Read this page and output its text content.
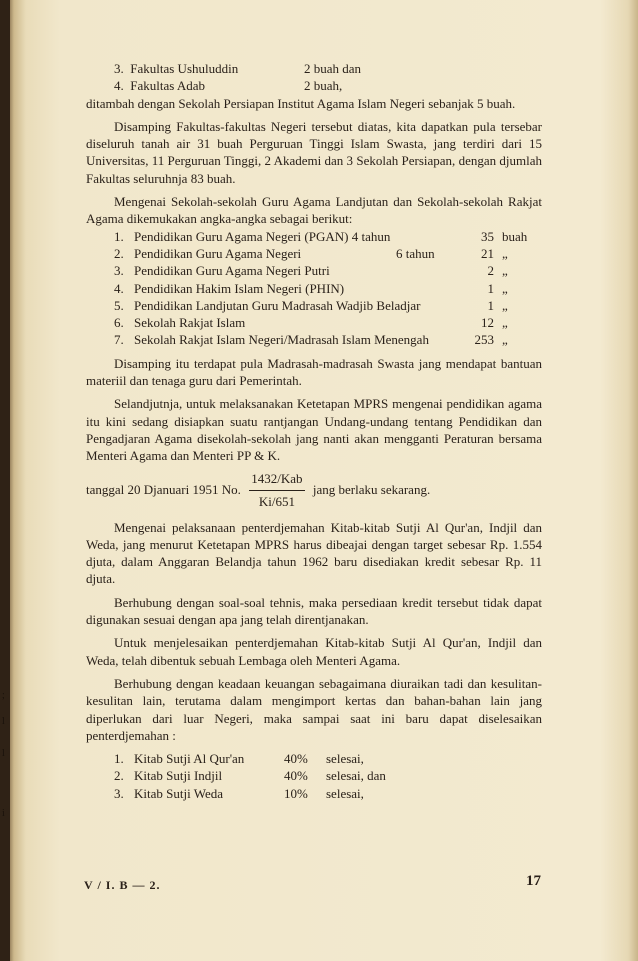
;
l
l
i
3. Fakultas Ushuluddin	2 buah dan
4. Fakultas Adab	2 buah,

ditambah dengan Sekolah Persiapan Institut Agama Islam Negeri sebanjak 5 buah.

Disamping Fakultas-fakultas Negeri tersebut diatas, kita dapatkan pula tersebar diseluruh tanah air 31 buah Perguruan Tinggi Islam Swasta, jang terdiri dari 15 Universitas, 11 Perguruan Tinggi, 2 Akademi dan 3 Sekolah Persiapan, dengan djumlah Fakultas seluruhnja 83 buah.

Mengenai Sekolah-sekolah Guru Agama Landjutan dan Sekolah-sekolah Rakjat Agama dikemukakan angka-angka sebagai berikut:

1. Pendidikan Guru Agama Negeri (PGAN) 4 tahun	35 buah
2. Pendidikan Guru Agama Negeri	6 tahun	21 „
3. Pendidikan Guru Agama Negeri Putri	2 „
4. Pendidikan Hakim Islam Negeri (PHIN)	1 „
5. Pendidikan Landjutan Guru Madrasah Wadjib Beladjar	1 „
6. Sekolah Rakjat Islam	12 „
7. Sekolah Rakjat Islam Negeri/Madrasah Islam Menengah	253 „

Disamping itu terdapat pula Madrasah-madrasah Swasta jang mendapat bantuan materiil dan tenaga guru dari Pemerintah.

Selandjutnja, untuk melaksanakan Ketetapan MPRS mengenai pendidikan agama itu kini sedang disiapkan suatu rantjangan Undang-undang tentang Pendidikan dan Pengadjaran Agama disekolah-sekolah jang nanti akan mengganti Peraturan bersama Menteri Agama dan Menteri PP & K.

tanggal 20 Djanuari 1951 No. $\frac{\text{1432/Kab}}{Ki/651}$ jang berlaku sekarang.

Mengenai pelaksanaan penterdjemahan Kitab-kitab Sutji Al Qur'an, Indjil dan Weda, jang menurut Ketetapan MPRS harus dibeajai dengan target sebesar Rp. 1.554 djuta, dalam Anggaran Belandja tahun 1962 baru disediakan kredit sebesar Rp. 11 djuta.

Berhubung dengan soal-soal tehnis, maka persediaan kredit tersebut tidak dapat digunakan sesuai dengan apa jang telah direntjanakan.

Untuk menjelesaikan penterdjemahan Kitab-kitab Sutji Al Qur'an, Indjil dan Weda, telah dibentuk sebuah Lembaga oleh Menteri Agama.

Berhubung dengan keadaan keuangan sebagaimana diuraikan tadi dan kesulitan-kesulitan lain, terutama dalam mengimport kertas dan bahan-bahan lain jang diperlukan dari luar Negeri, maka sampai saat ini baru dapat diselesaikan penterdjemahan :

1. Kitab Sutji Al Qur'an	40%	selesai,
2. Kitab Sutji Indjil	40%	selesai, dan
3. Kitab Sutji Weda	10%	selesai,
V / I. B — 2.	17
